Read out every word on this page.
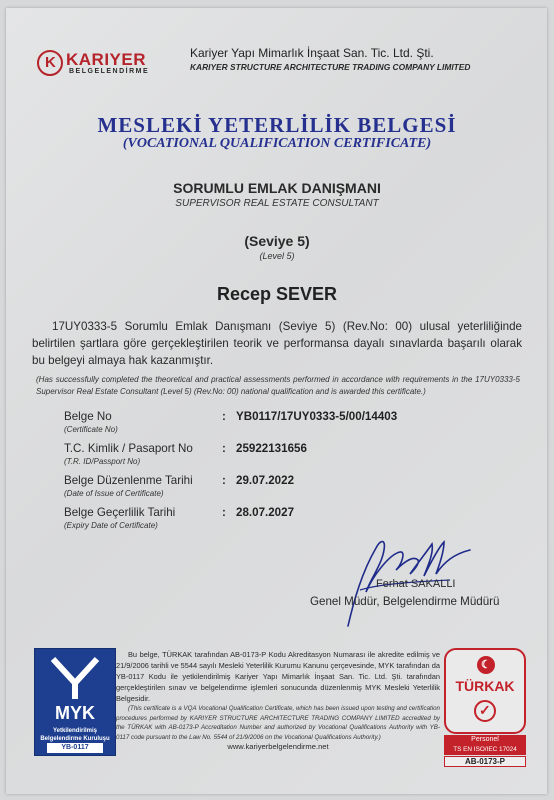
K KARIYER
BELGELENDİRME
Kariyer Yapı Mimarlık İnşaat San. Tic. Ltd. Şti.
KARIYER STRUCTURE ARCHITECTURE TRADING COMPANY LIMITED
MESLEKİ YETERLİLİK BELGESİ
(VOCATIONAL QUALIFICATION CERTIFICATE)
SORUMLU EMLAK DANIŞMANI
SUPERVISOR REAL ESTATE CONSULTANT
(Seviye 5)
(Level 5)
Recep SEVER
17UY0333-5 Sorumlu Emlak Danışmanı (Seviye 5) (Rev.No: 00) ulusal yeterliliğinde belirtilen şartlara göre gerçekleştirilen teorik ve performansa dayalı sınavlarda başarılı olarak bu belgeyi almaya hak kazanmıştır.
(Has successfully completed the theoretical and practical assessments performed in accordance with requirements in the 17UY0333-5 Supervisor Real Estate Consultant (Level 5) (Rev.No: 00) national qualification and is awarded this certificate.)
Belge No
(Certificate No)
: YB0117/17UY0333-5/00/14403
T.C. Kimlik / Pasaport No
(T.R. ID/Passport No)
: 25922131656
Belge Düzenlenme Tarihi
(Date of Issue of Certificate)
: 29.07.2022
Belge Geçerlilik Tarihi
(Expiry Date of Certificate)
: 28.07.2027
Ferhat SAKALLI
Genel Müdür, Belgelendirme Müdürü
MYK
Yetkilendirilmiş Belgelendirme Kuruluşu
YB-0117
Bu belge, TÜRKAK tarafından AB-0173-P Kodu Akreditasyon Numarası ile akredite edilmiş ve 21/9/2006 tarihli ve 5544 sayılı Mesleki Yeterlilik Kurumu Kanunu çerçevesinde, MYK tarafından da YB-0117 Kodu ile yetkilendirilmiş Kariyer Yapı Mimarlık İnşaat San. Tic. Ltd. Şti. tarafından gerçekleştirilen sınav ve belgelendirme işlemleri sonucunda düzenlenmiş MYK Mesleki Yeterlilik Belgesidir.
(This certificate is a VQA Vocational Qualification Certificate, which has been issued upon testing and certification procedures performed by KARIYER STRUCTURE ARCHITECTURE TRADING COMPANY LIMITED accredited by the TÜRKAK with AB-0173-P Accreditation Number and authorized by Vocational Qualifications Authority with YB-0117 code pursuant to the Law No. 5544 of 21/9/2006 on the Vocational Qualifications Authority.)
www.kariyerbelgelendirme.net
☾
TÜRKAK
✓
Personel
TS EN ISO/IEC 17024
AB-0173-P
